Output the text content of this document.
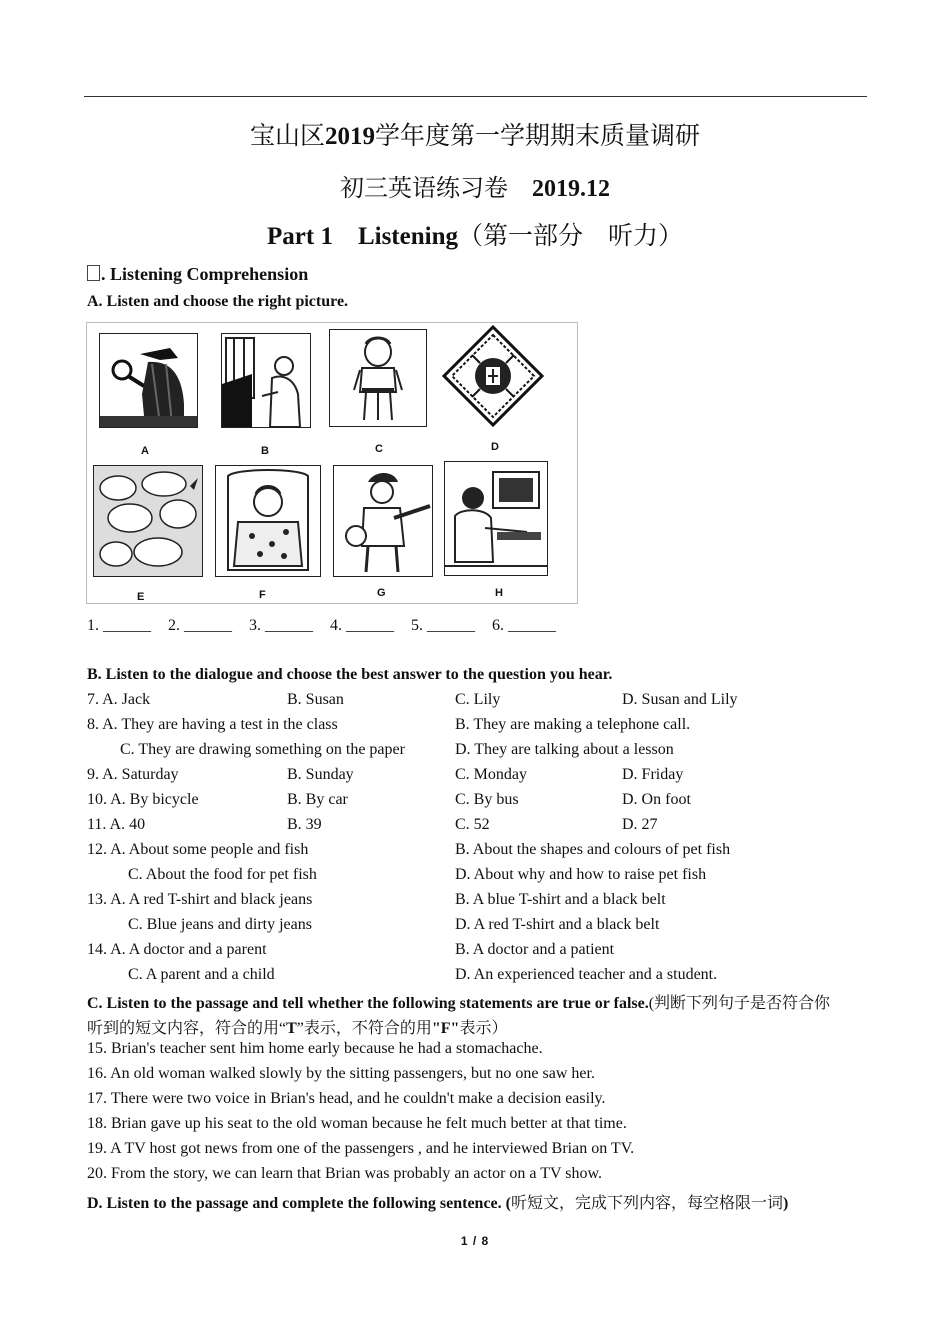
宝山区2019学年度第一学期期末质量调研
初三英语练习卷 2019.12
Part 1　Listening（第一部分　听力）
. Listening Comprehension
A. Listen and choose the right picture.
A	B	C	D
E	F	G	H
1. ______ 2. ______ 3. ______ 4. ______ 5. ______ 6. ______
B. Listen to the dialogue and choose the best answer to the question you hear.
7. A. Jack	B. Susan	C. Lily	D. Susan and Lily
8. A. They are having a test in the class	B. They are making a telephone call.
C. They are drawing something on the paper	D. They are talking about a lesson
9. A. Saturday	B. Sunday	C. Monday	D. Friday
10. A. By bicycle	B. By car	C. By bus	D. On foot
11. A. 40	B. 39	C. 52	D. 27
12. A. About some people and fish	B. About the shapes and colours of pet fish
C. About the food for pet fish	D. About why and how to raise pet fish
13. A. A red T-shirt and black jeans	B. A blue T-shirt and a black belt
C. Blue jeans and dirty jeans	D. A red T-shirt and a black belt
14. A. A doctor and a parent	B. A doctor and a patient
C. A parent and a child	D. An experienced teacher and a student.
C. Listen to the passage and tell whether the following statements are true or false.(判断下列句子是否符合你
听到的短文内容，符合的用“T”表示，不符合的用"F"表示）
15. Brian's teacher sent him home early because he had a stomachache.
16. An old woman walked slowly by the sitting passengers, but no one saw her.
17. There were two voice in Brian's head, and he couldn't make a decision easily.
18. Brian gave up his seat to the old woman because he felt much better at that time.
19. A TV host got news from one of the passengers , and he interviewed Brian on TV.
20. From the story, we can learn that Brian was probably an actor on a TV show.
D. Listen to the passage and complete the following sentence. (听短文，完成下列内容，每空格限一词)
1 / 8
